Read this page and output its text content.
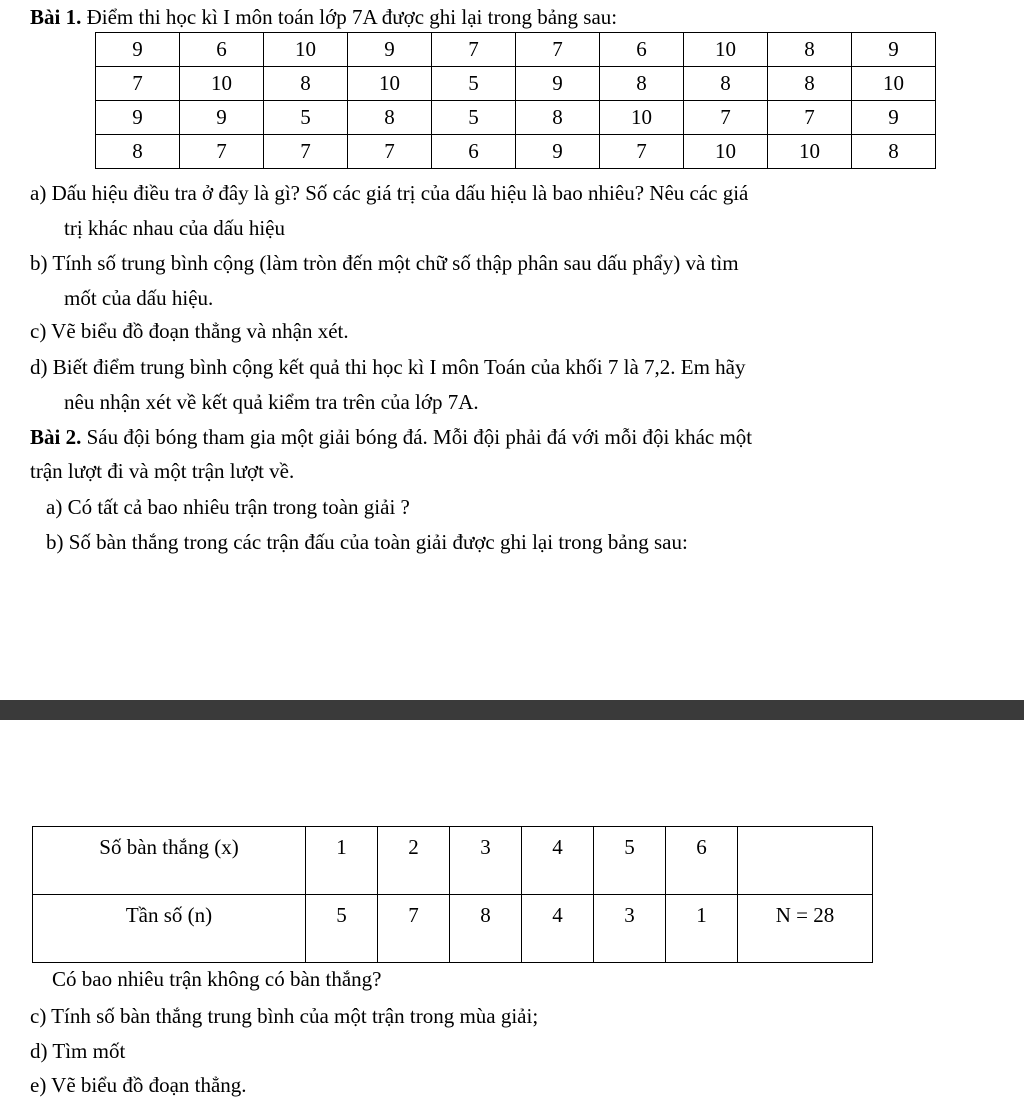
Bài 1. Điểm thi học kì I môn toán lớp 7A được ghi lại trong bảng sau:
9	6	10	9	7	7	6	10	8	9
7	10	8	10	5	9	8	8	8	10
9	9	5	8	5	8	10	7	7	9
8	7	7	7	6	9	7	10	10	8
a) Dấu hiệu điều tra ở đây là gì? Số các giá trị của dấu hiệu là bao nhiêu? Nêu các giá
trị khác nhau của dấu hiệu
b) Tính số trung bình cộng (làm tròn đến một chữ số thập phân sau dấu phẩy) và tìm
mốt của dấu hiệu.
c) Vẽ biểu đồ đoạn thẳng và nhận xét.
d) Biết điểm trung bình cộng kết quả thi học kì I môn Toán của khối 7 là 7,2. Em hãy
nêu nhận xét về kết quả kiểm tra trên của lớp 7A.
Bài 2. Sáu đội bóng tham gia một giải bóng đá. Mỗi đội phải đá với mỗi đội khác một
trận lượt đi và một trận lượt về.
a) Có tất cả bao nhiêu trận trong toàn giải ?
b) Số bàn thắng trong các trận đấu của toàn giải được ghi lại trong bảng sau:
Số bàn thắng (x)	1	2	3	4	5	6	

Tần số (n)	5	7	8	4	3	1	N = 28
Có bao nhiêu trận không có bàn thắng?
c) Tính số bàn thắng trung bình của một trận trong mùa giải;
d) Tìm mốt
e) Vẽ biểu đồ đoạn thẳng.
